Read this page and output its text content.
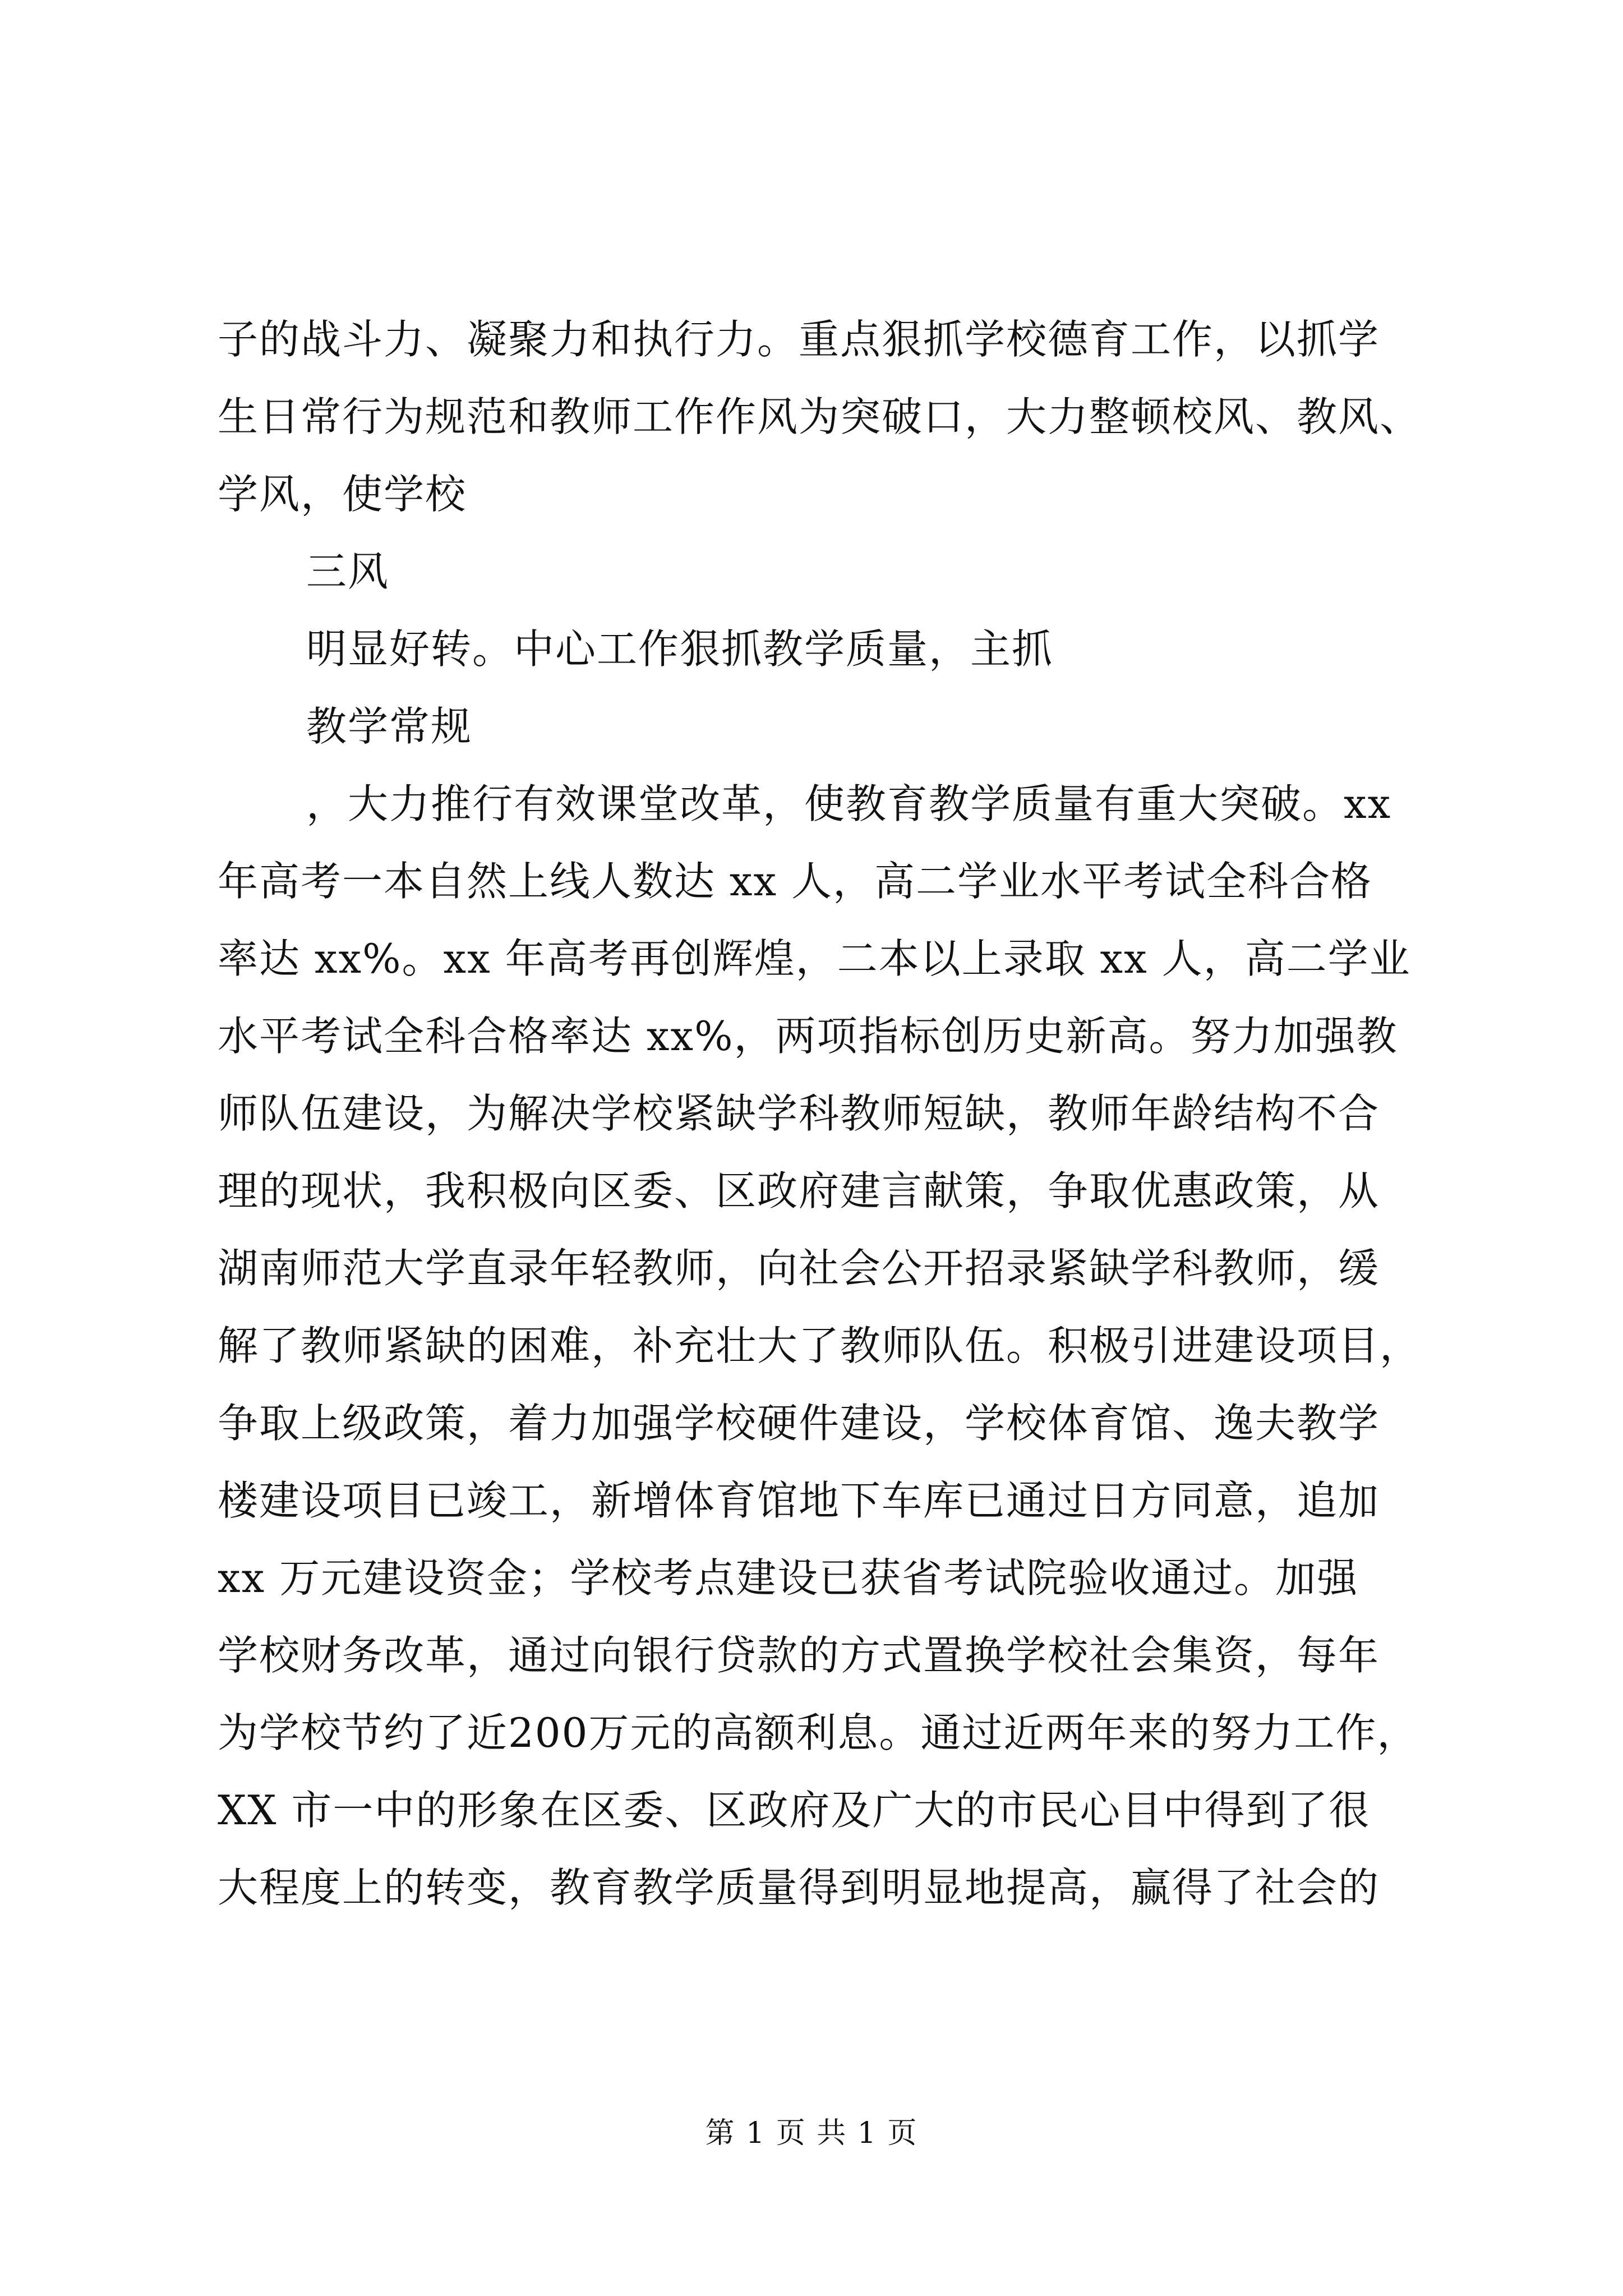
子的战斗力、凝聚力和执行力。重点狠抓学校德育工作，以抓学
生日常行为规范和教师工作作风为突破口，大力整顿校风、教风、
学风，使学校
三风
明显好转。中心工作狠抓教学质量，主抓
教学常规
，大力推行有效课堂改革，使教育教学质量有重大突破。xx
年高考一本自然上线人数达 xx 人，高二学业水平考试全科合格
率达 xx%。xx 年高考再创辉煌，二本以上录取 xx 人，高二学业
水平考试全科合格率达 xx%，两项指标创历史新高。努力加强教
师队伍建设，为解决学校紧缺学科教师短缺，教师年龄结构不合
理的现状，我积极向区委、区政府建言献策，争取优惠政策，从
湖南师范大学直录年轻教师，向社会公开招录紧缺学科教师，缓
解了教师紧缺的困难，补充壮大了教师队伍。积极引进建设项目，
争取上级政策，着力加强学校硬件建设，学校体育馆、逸夫教学
楼建设项目已竣工，新增体育馆地下车库已通过日方同意，追加
xx 万元建设资金；学校考点建设已获省考试院验收通过。加强
学校财务改革，通过向银行贷款的方式置换学校社会集资，每年
为学校节约了近200万元的高额利息。通过近两年来的努力工作，
XX 市一中的形象在区委、区政府及广大的市民心目中得到了很
大程度上的转变，教育教学质量得到明显地提高，赢得了社会的
第 1 页 共 1 页
